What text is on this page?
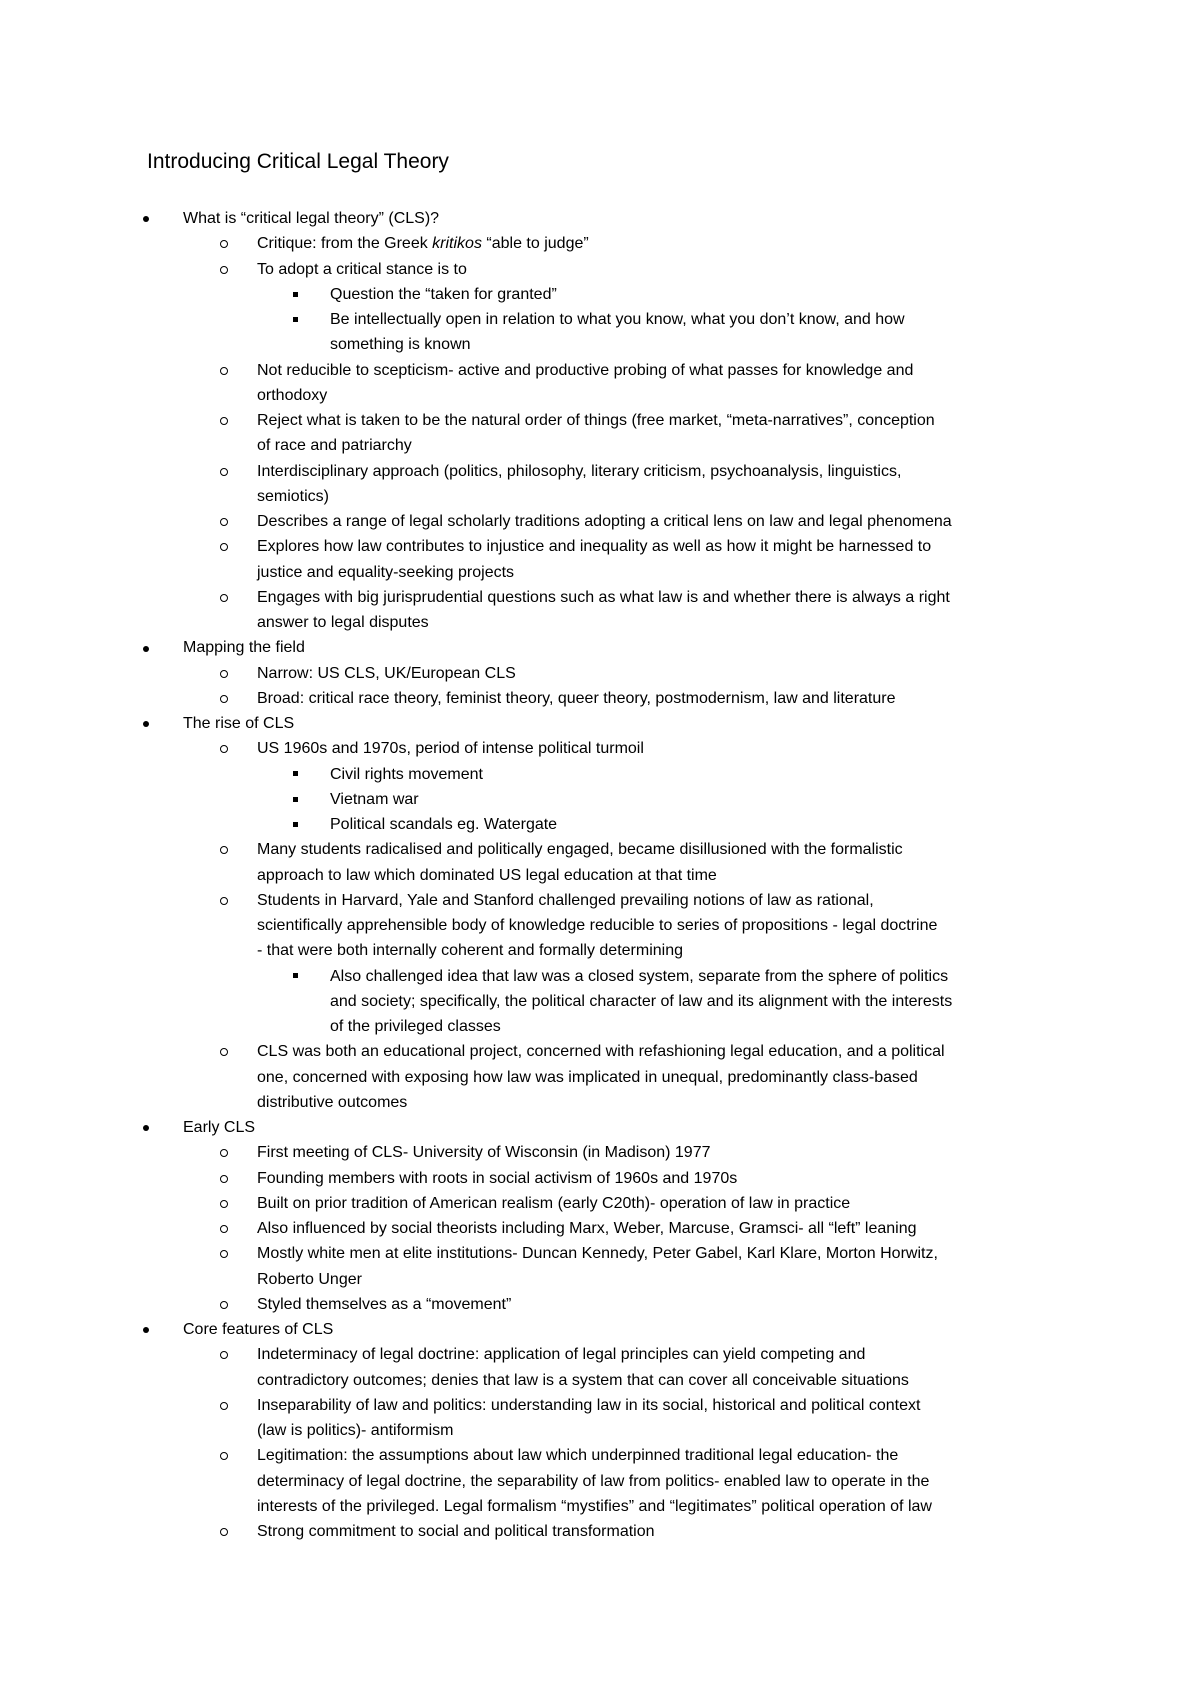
Introducing Critical Legal Theory
What is “critical legal theory” (CLS)?
Critique: from the Greek kritikos “able to judge”
To adopt a critical stance is to
Question the “taken for granted”
Be intellectually open in relation to what you know, what you don’t know, and how
something is known
Not reducible to scepticism- active and productive probing of what passes for knowledge and
orthodoxy
Reject what is taken to be the natural order of things (free market, “meta-narratives”, conception
of race and patriarchy
Interdisciplinary approach (politics, philosophy, literary criticism, psychoanalysis, linguistics,
semiotics)
Describes a range of legal scholarly traditions adopting a critical lens on law and legal phenomena
Explores how law contributes to injustice and inequality as well as how it might be harnessed to
justice and equality-seeking projects
Engages with big jurisprudential questions such as what law is and whether there is always a right
answer to legal disputes
Mapping the field
Narrow: US CLS, UK/European CLS
Broad: critical race theory, feminist theory, queer theory, postmodernism, law and literature
The rise of CLS
US 1960s and 1970s, period of intense political turmoil
Civil rights movement
Vietnam war
Political scandals eg. Watergate
Many students radicalised and politically engaged, became disillusioned with the formalistic
approach to law which dominated US legal education at that time
Students in Harvard, Yale and Stanford challenged prevailing notions of law as rational,
scientifically apprehensible body of knowledge reducible to series of propositions - legal doctrine
- that were both internally coherent and formally determining
Also challenged idea that law was a closed system, separate from the sphere of politics
and society; specifically, the political character of law and its alignment with the interests
of the privileged classes
CLS was both an educational project, concerned with refashioning legal education, and a political
one, concerned with exposing how law was implicated in unequal, predominantly class-based
distributive outcomes
Early CLS
First meeting of CLS- University of Wisconsin (in Madison) 1977
Founding members with roots in social activism of 1960s and 1970s
Built on prior tradition of American realism (early C20th)- operation of law in practice
Also influenced by social theorists including Marx, Weber, Marcuse, Gramsci- all “left” leaning
Mostly white men at elite institutions- Duncan Kennedy, Peter Gabel, Karl Klare, Morton Horwitz,
Roberto Unger
Styled themselves as a “movement”
Core features of CLS
Indeterminacy of legal doctrine: application of legal principles can yield competing and
contradictory outcomes; denies that law is a system that can cover all conceivable situations
Inseparability of law and politics: understanding law in its social, historical and political context
(law is politics)- antiformism
Legitimation: the assumptions about law which underpinned traditional legal education- the
determinacy of legal doctrine, the separability of law from politics- enabled law to operate in the
interests of the privileged. Legal formalism “mystifies” and “legitimates” political operation of law
Strong commitment to social and political transformation
